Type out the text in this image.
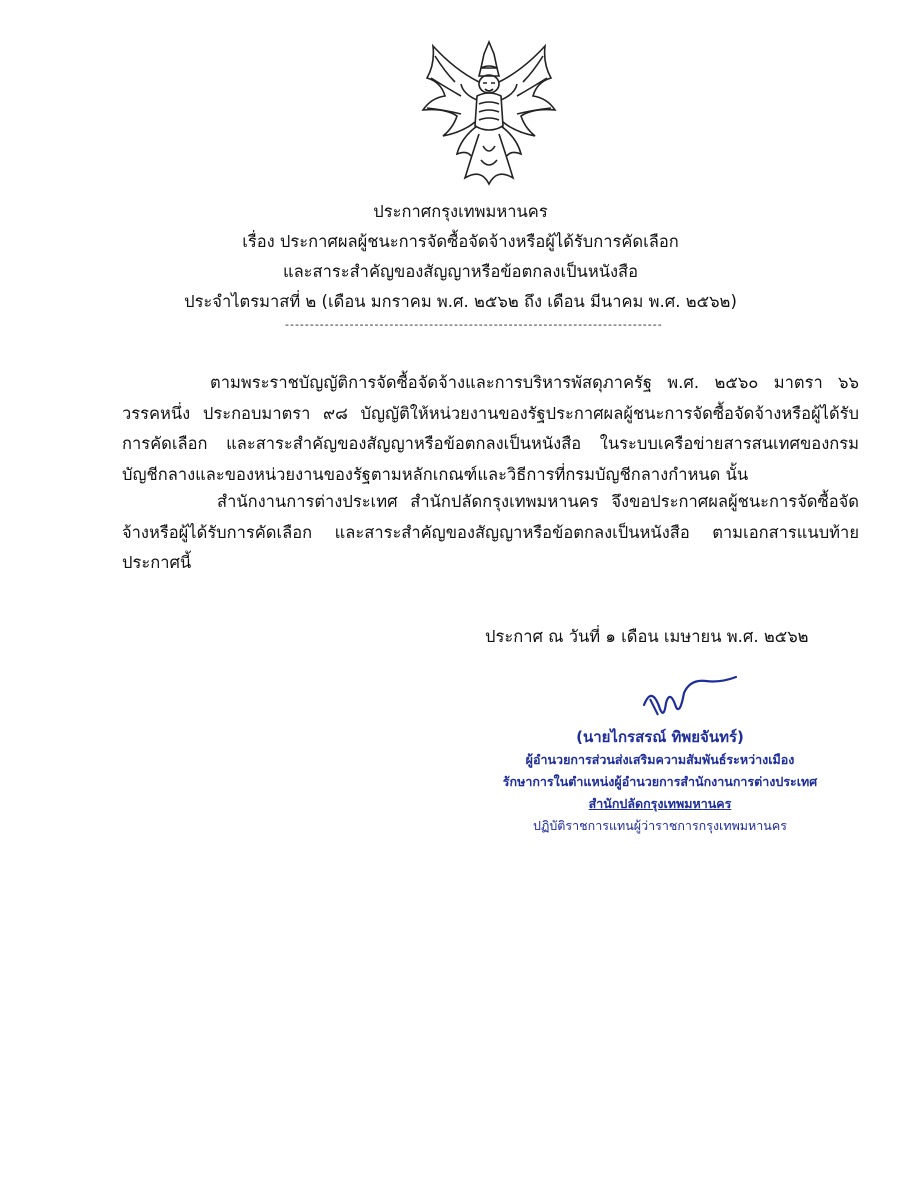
ประกาศกรุงเทพมหานคร
เรื่อง ประกาศผลผู้ชนะการจัดซื้อจัดจ้างหรือผู้ได้รับการคัดเลือก
และสาระสำคัญของสัญญาหรือข้อตกลงเป็นหนังสือ
ประจำไตรมาสที่ ๒ (เดือน มกราคม พ.ศ. ๒๕๖๒ ถึง เดือน มีนาคม พ.ศ. ๒๕๖๒)
----------------------------------------------------------------------------
ตามพระราชบัญญัติการจัดซื้อจัดจ้างและการบริหารพัสดุภาครัฐ พ.ศ. ๒๕๖๐ มาตรา ๖๖ วรรคหนึ่ง ประกอบมาตรา ๙๘ บัญญัติให้หน่วยงานของรัฐประกาศผลผู้ชนะการจัดซื้อจัดจ้างหรือผู้ได้รับการคัดเลือก และสาระสำคัญของสัญญาหรือข้อตกลงเป็นหนังสือ ในระบบเครือข่ายสารสนเทศของกรมบัญชีกลางและของหน่วยงานของรัฐตามหลักเกณฑ์และวิธีการที่กรมบัญชีกลางกำหนด นั้น
สำนักงานการต่างประเทศ สำนักปลัดกรุงเทพมหานคร จึงขอประกาศผลผู้ชนะการจัดซื้อจัดจ้างหรือผู้ได้รับการคัดเลือก และสาระสำคัญของสัญญาหรือข้อตกลงเป็นหนังสือ ตามเอกสารแนบท้ายประกาศนี้
ประกาศ ณ วันที่ ๑ เดือน เมษายน พ.ศ. ๒๕๖๒
(นายไกรสรณ์ ทิพยจันทร์)
ผู้อำนวยการส่วนส่งเสริมความสัมพันธ์ระหว่างเมือง
รักษาการในตำแหน่งผู้อำนวยการสำนักงานการต่างประเทศ
สำนักปลัดกรุงเทพมหานคร
ปฏิบัติราชการแทนผู้ว่าราชการกรุงเทพมหานคร
